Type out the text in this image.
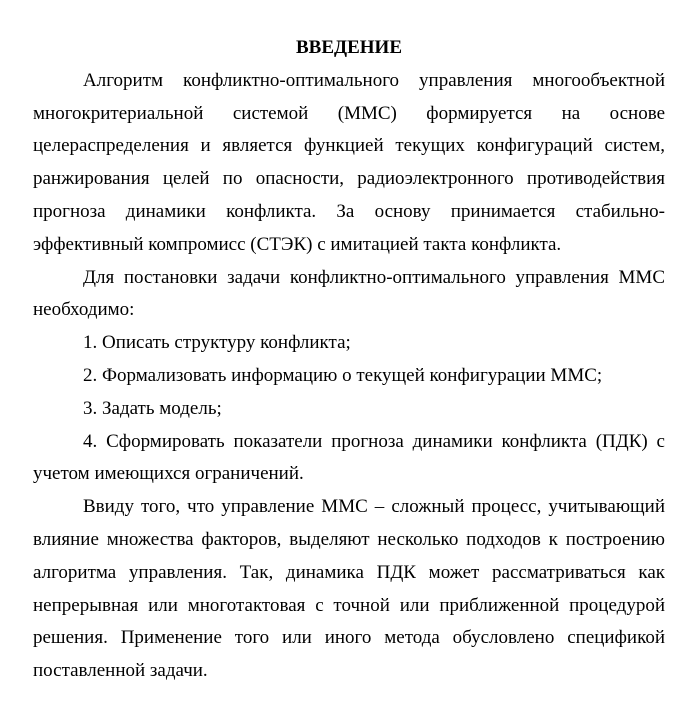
ВВЕДЕНИЕ
Алгоритм конфликтно-оптимального управления многообъектной
многокритериальной системой (ММС) формируется на основе
целераспределения и является функцией текущих конфигураций систем,
ранжирования целей по опасности, радиоэлектронного противодействия
прогноза динамики конфликта. За основу принимается стабильно-
эффективный компромисс (СТЭК) с имитацией такта конфликта.
Для постановки задачи конфликтно-оптимального управления ММС
необходимо:
1. Описать структуру конфликта;
2. Формализовать информацию о текущей конфигурации ММС;
3. Задать модель;
4. Сформировать показатели прогноза динамики конфликта (ПДК) с
учетом имеющихся ограничений.
Ввиду того, что управление ММС – сложный процесс, учитывающий
влияние множества факторов, выделяют несколько подходов к построению
алгоритма управления. Так, динамика ПДК может рассматриваться как
непрерывная или многотактовая с точной или приближенной процедурой
решения. Применение того или иного метода обусловлено спецификой
поставленной задачи.
